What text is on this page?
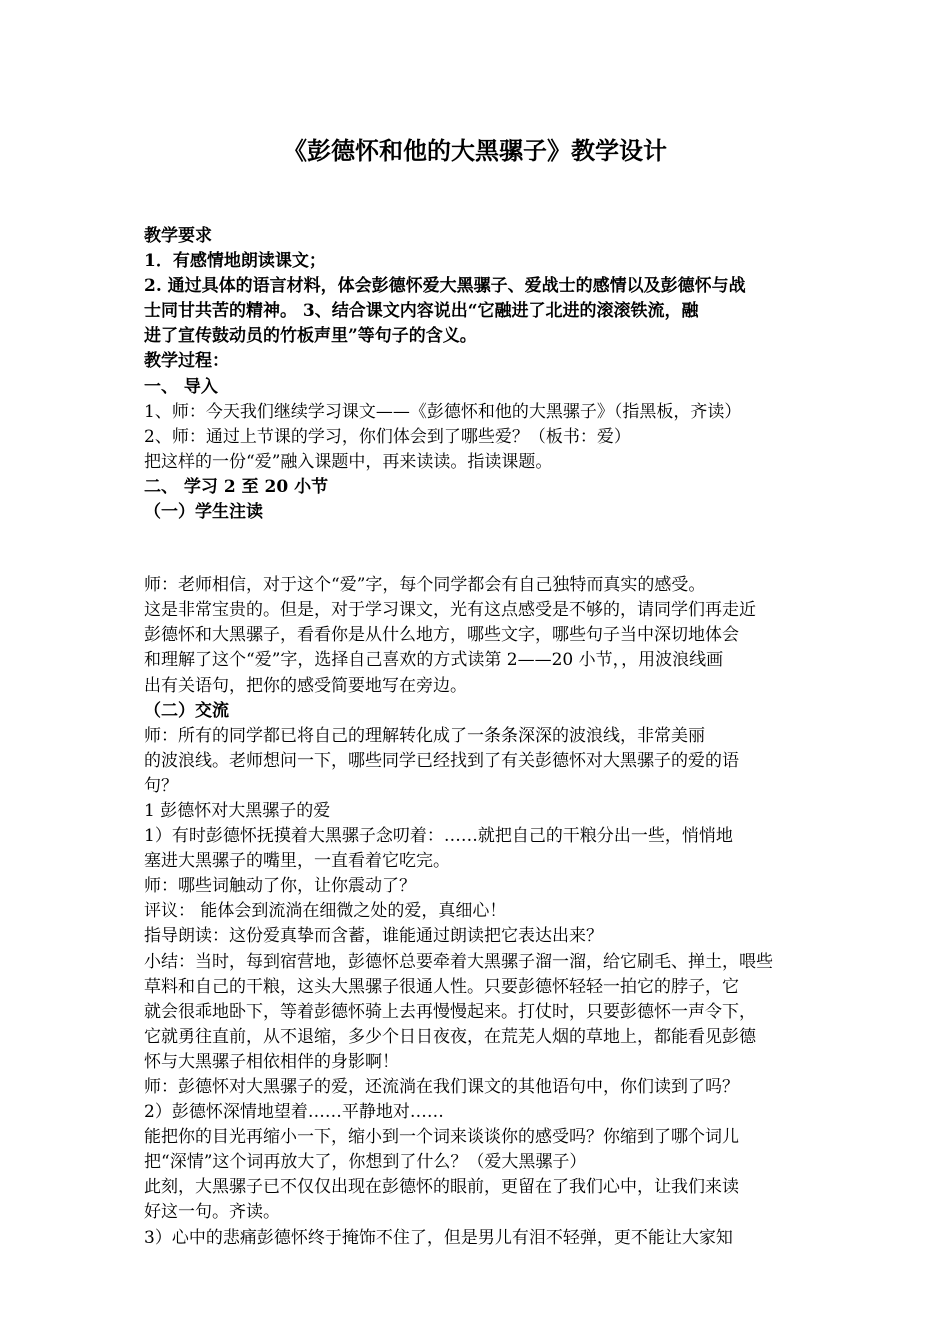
《彭德怀和他的大黑骡子》教学设计
教学要求
1．有感情地朗读课文；
2. 通过具体的语言材料，体会彭德怀爱大黑骡子、爱战士的感情以及彭德怀与战
士同甘共苦的精神。 3、结合课文内容说出“它融进了北进的滚滚铁流，融
进了宣传鼓动员的竹板声里”等句子的含义。
教学过程：
一、 导入
1、师：今天我们继续学习课文——《彭德怀和他的大黑骡子》（指黑板，齐读）
2、师：通过上节课的学习，你们体会到了哪些爱？（板书：爱）
把这样的一份“爱”融入课题中，再来读读。指读课题。
二、 学习 2 至 20 小节
（一）学生注读
师：老师相信，对于这个“爱”字，每个同学都会有自己独特而真实的感受。
这是非常宝贵的。但是，对于学习课文，光有这点感受是不够的，请同学们再走近
彭德怀和大黑骡子，看看你是从什么地方，哪些文字，哪些句子当中深切地体会
和理解了这个“爱”字，选择自己喜欢的方式读第 2——20 小节，，用波浪线画
出有关语句，把你的感受简要地写在旁边。
（二）交流
师：所有的同学都已将自己的理解转化成了一条条深深的波浪线，非常美丽
的波浪线。老师想问一下，哪些同学已经找到了有关彭德怀对大黑骡子的爱的语
句？
1 彭德怀对大黑骡子的爱
1）有时彭德怀抚摸着大黑骡子念叨着：……就把自己的干粮分出一些，悄悄地
塞进大黑骡子的嘴里，一直看着它吃完。
师：哪些词触动了你，让你震动了？
评议： 能体会到流淌在细微之处的爱，真细心！
指导朗读：这份爱真挚而含蓄，谁能通过朗读把它表达出来？
小结：当时，每到宿营地，彭德怀总要牵着大黑骡子溜一溜，给它刷毛、掸土，喂些
草料和自己的干粮，这头大黑骡子很通人性。只要彭德怀轻轻一拍它的脖子，它
就会很乖地卧下，等着彭德怀骑上去再慢慢起来。打仗时，只要彭德怀一声令下，
它就勇往直前，从不退缩，多少个日日夜夜，在荒芜人烟的草地上，都能看见彭德
怀与大黑骡子相依相伴的身影啊！
师：彭德怀对大黑骡子的爱，还流淌在我们课文的其他语句中，你们读到了吗？
2）彭德怀深情地望着……平静地对……
能把你的目光再缩小一下，缩小到一个词来谈谈你的感受吗？你缩到了哪个词儿
把“深情”这个词再放大了，你想到了什么？（爱大黑骡子）
此刻，大黑骡子已不仅仅出现在彭德怀的眼前，更留在了我们心中，让我们来读
好这一句。齐读。
3）心中的悲痛彭德怀终于掩饰不住了，但是男儿有泪不轻弹，更不能让大家知
